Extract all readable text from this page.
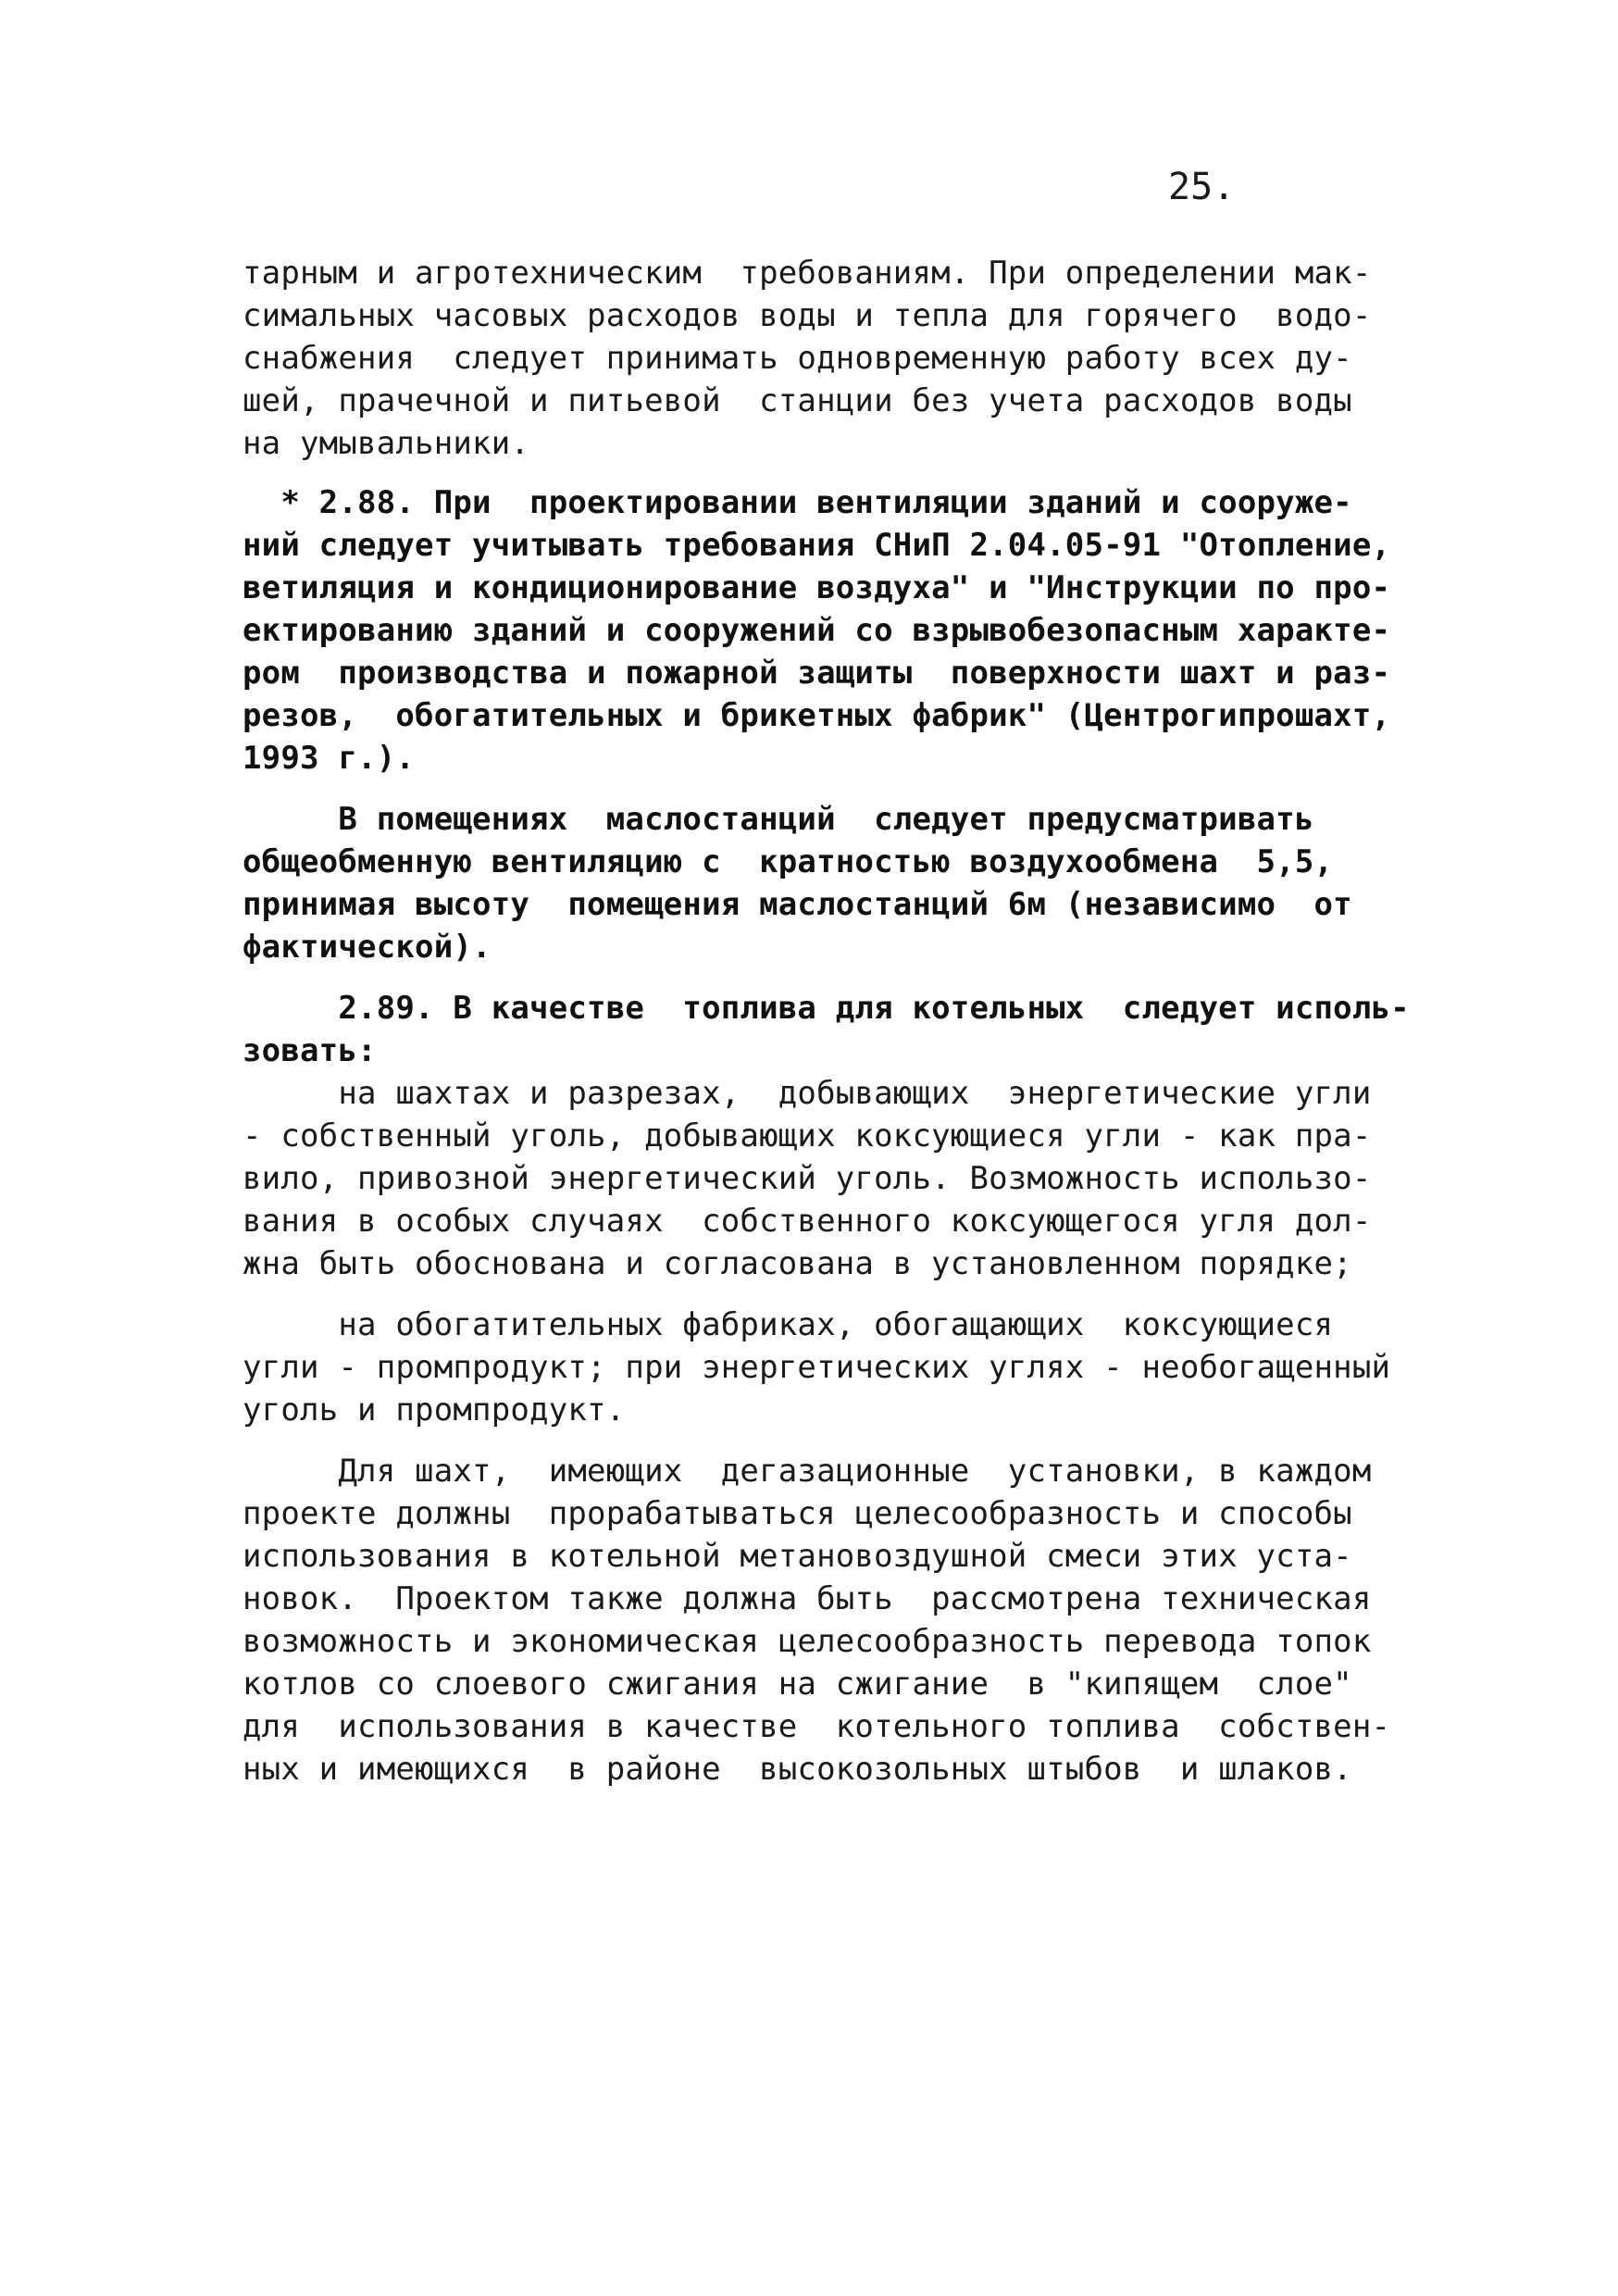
25.
тарным и агротехническим  требованиям. При определении мак-
симальных часовых расходов воды и тепла для горячего  водо-
снабжения  следует принимать одновременную работу всех ду-
шей, прачечной и питьевой  станции без учета расходов воды
на умывальники.
* 2.88. При  проектировании вентиляции зданий и сооруже-
ний следует учитывать требования СНиП 2.04.05-91 "Отопление,
ветиляция и кондиционирование воздуха" и "Инструкции по про-
ектированию зданий и сооружений со взрывобезопасным характе-
ром  производства и пожарной защиты  поверхности шахт и раз-
резов,  обогатительных и брикетных фабрик" (Центрогипрошахт,
1993 г.).
В помещениях  маслостанций  следует предусматривать
общеобменную вентиляцию с  кратностью воздухообмена  5,5,
принимая высоту  помещения маслостанций 6м (независимо  от
фактической).
2.89. В качестве  топлива для котельных  следует исполь-
зовать:
на шахтах и разрезах,  добывающих  энергетические угли
- собственный уголь, добывающих коксующиеся угли - как пра-
вило, привозной энергетический уголь. Возможность использо-
вания в особых случаях  собственного коксующегося угля дол-
жна быть обоснована и согласована в установленном порядке;
на обогатительных фабриках, обогащающих  коксующиеся
угли - промпродукт; при энергетических углях - необогащенный
уголь и промпродукт.
Для шахт,  имеющих  дегазационные  установки, в каждом
проекте должны  прорабатываться целесообразность и способы
использования в котельной метановоздушной смеси этих уста-
новок.  Проектом также должна быть  рассмотрена техническая
возможность и экономическая целесообразность перевода топок
котлов со слоевого сжигания на сжигание  в "кипящем  слое"
для  использования в качестве  котельного топлива  собствен-
ных и имеющихся  в районе  высокозольных штыбов  и шлаков.
